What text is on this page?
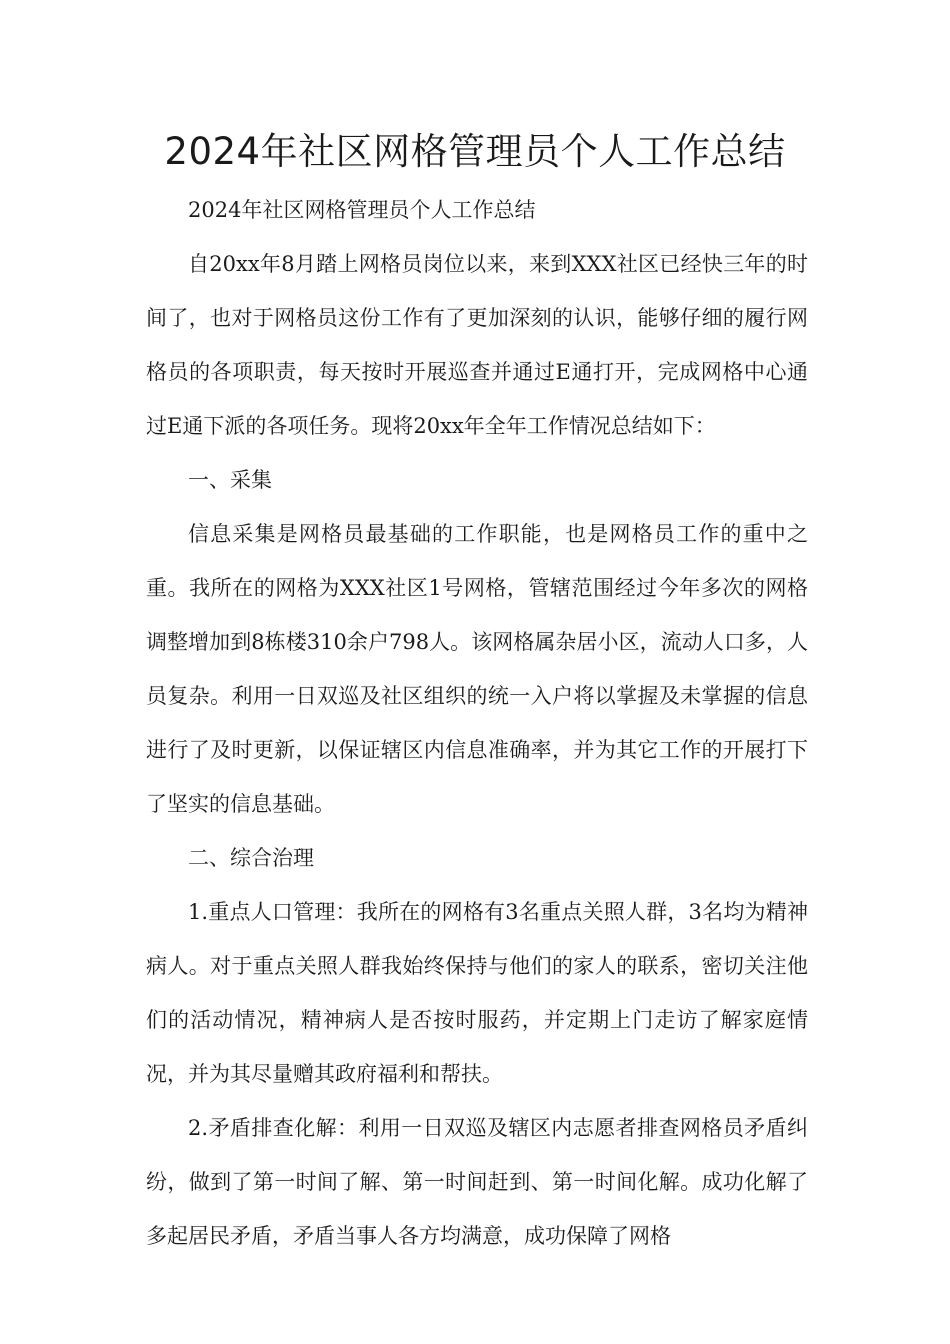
2024年社区网格管理员个人工作总结

2024年社区网格管理员个人工作总结

自20xx年8月踏上网格员岗位以来，来到XXX社区已经快三年的时间了，也对于网格员这份工作有了更加深刻的认识，能够仔细的履行网格员的各项职责，每天按时开展巡查并通过E通打开，完成网格中心通过E通下派的各项任务。现将20xx年全年工作情况总结如下：

一、采集

信息采集是网格员最基础的工作职能，也是网格员工作的重中之重。我所在的网格为XXX社区1号网格，管辖范围经过今年多次的网格调整增加到8栋楼310余户798人。该网格属杂居小区，流动人口多，人员复杂。利用一日双巡及社区组织的统一入户将以掌握及未掌握的信息进行了及时更新，以保证辖区内信息准确率，并为其它工作的开展打下了坚实的信息基础。

二、综合治理

1.重点人口管理：我所在的网格有3名重点关照人群，3名均为精神病人。对于重点关照人群我始终保持与他们的家人的联系，密切关注他们的活动情况，精神病人是否按时服药，并定期上门走访了解家庭情况，并为其尽量赠其政府福利和帮扶。

2.矛盾排查化解：利用一日双巡及辖区内志愿者排查网格员矛盾纠纷，做到了第一时间了解、第一时间赶到、第一时间化解。成功化解了多起居民矛盾，矛盾当事人各方均满意，成功保障了网格
